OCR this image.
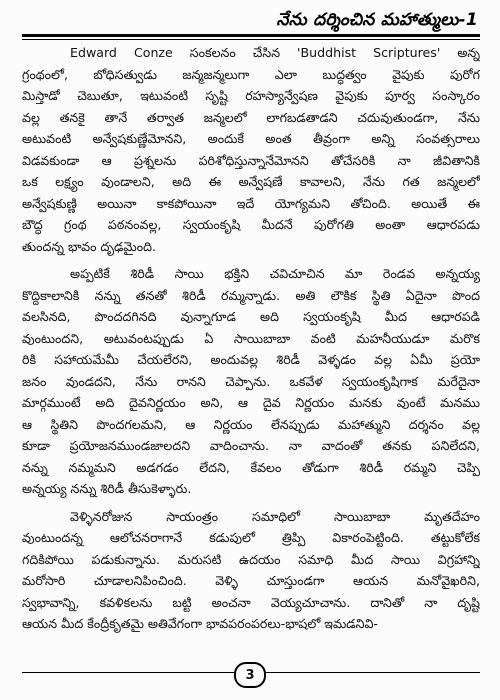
నేను దర్శించిన మహాత్ములు-1

Edward Conze సంకలనం చేసిన 'Buddhist Scriptures' అన్న
గ్రంథంలో, బోధిసత్వుడు జన్మజన్మలుగా ఎలా బుద్ధత్వం వైపుకు పురోగ
మిస్తాడో చెబుతూ, ఇటువంటి సృష్టి రహస్యాన్వేషణ వైపుకు పూర్వ సంస్కారం
వల్ల తనకై తానే తర్వాత జన్మలలో లాగబడతాడని చదువుతుండగా, నేను
అటువంటి అన్వేషకుణ్ణేమోనని, అందుకే అంత తీవ్రంగా అన్ని సంవత్సరాలు
విడవకుండా ఆ ప్రశ్నలను పరిశోధిస్తున్నానేమోనని తోచేసరికి నా జీవితానికి
ఒక లక్ష్యం వుండాలని, అది ఈ అన్వేషణే కావాలని, నేను గత జన్మలలో
అన్వేషకుణ్ణి అయినా కాకపోయినా ఇదే యోగ్యమని తోచింది. అయితే ఈ
బౌద్ధ గ్రంథ పఠనంవల్ల, స్వయంకృషి మీదనే పురోగతి అంతా ఆధారపడు
తుందన్న భావం దృఢమైంది.

అప్పటికే శిరిడీ సాయి భక్తిని చవిచూచిన మా రెండవ అన్నయ్య
కొద్దికాలానికి నన్ను తనతో శిరిడీ రమ్మన్నాడు. అతి లౌకిక స్థితి ఏదైనా పొంద
వలసినది, పొందదగినది వున్నాగూడ అది స్వయంకృషి మీద ఆధారపడి
వుంటుందని, అటువంటప్పుడు ఏ సాయిబాబా వంటి మహనీయుడూ మరొక
రికి సహాయమేమీ చేయలేరని, అందువల్ల శిరిడీ వెళ్ళడం వల్ల ఏమీ ప్రయో
జనం వుండదని, నేను రానని చెప్పాను. ఒకవేళ స్వయంకృషిగాక మరేదైనా
మార్గముంటే అది దైవనిర్ణయం అని, ఆ దైవ నిర్ణయం మనకు వుంటే మనము
ఆ స్థితిని పొందగలమని, ఆ నిర్ణయం లేనప్పుడు మహాత్ముని దర్శనం వల్ల
కూడా ప్రయోజనముండజాలదని వాదించాను. నా వాదంతో తనకు పనిలేదని,
నన్ను నమ్మమని అడగడం లేదని, కేవలం తోడుగా శిరిడీ రమ్మని చెప్పి
అన్నయ్య నన్ను శిరిడీ తీసుకెళ్ళారు.

వెళ్ళినరోజున సాయంత్రం సమాధిలో సాయిబాబా మృతదేహం
వుంటుందన్న ఆలోచనరాగానే కడుపులో త్రిప్పి వికారంపెట్టింది. తట్టుకోలేక
గదికిపోయి పడుకున్నాను. మరుసటి ఉదయం సమాధి మీద సాయి విగ్రహాన్ని
మరోసారి చూడాలనిపించింది. వెళ్ళి చూస్తుండగా ఆయన మనోవైఖరిని,
స్వభావాన్ని, కవళికలను బట్టి అంచనా వెయ్యచూచాను. దానితో నా దృష్టి
ఆయన మీద కేంద్రీకృతమై అతివేగంగా భావపరంపరలు-భాషలో ఇమడనివి-

3
